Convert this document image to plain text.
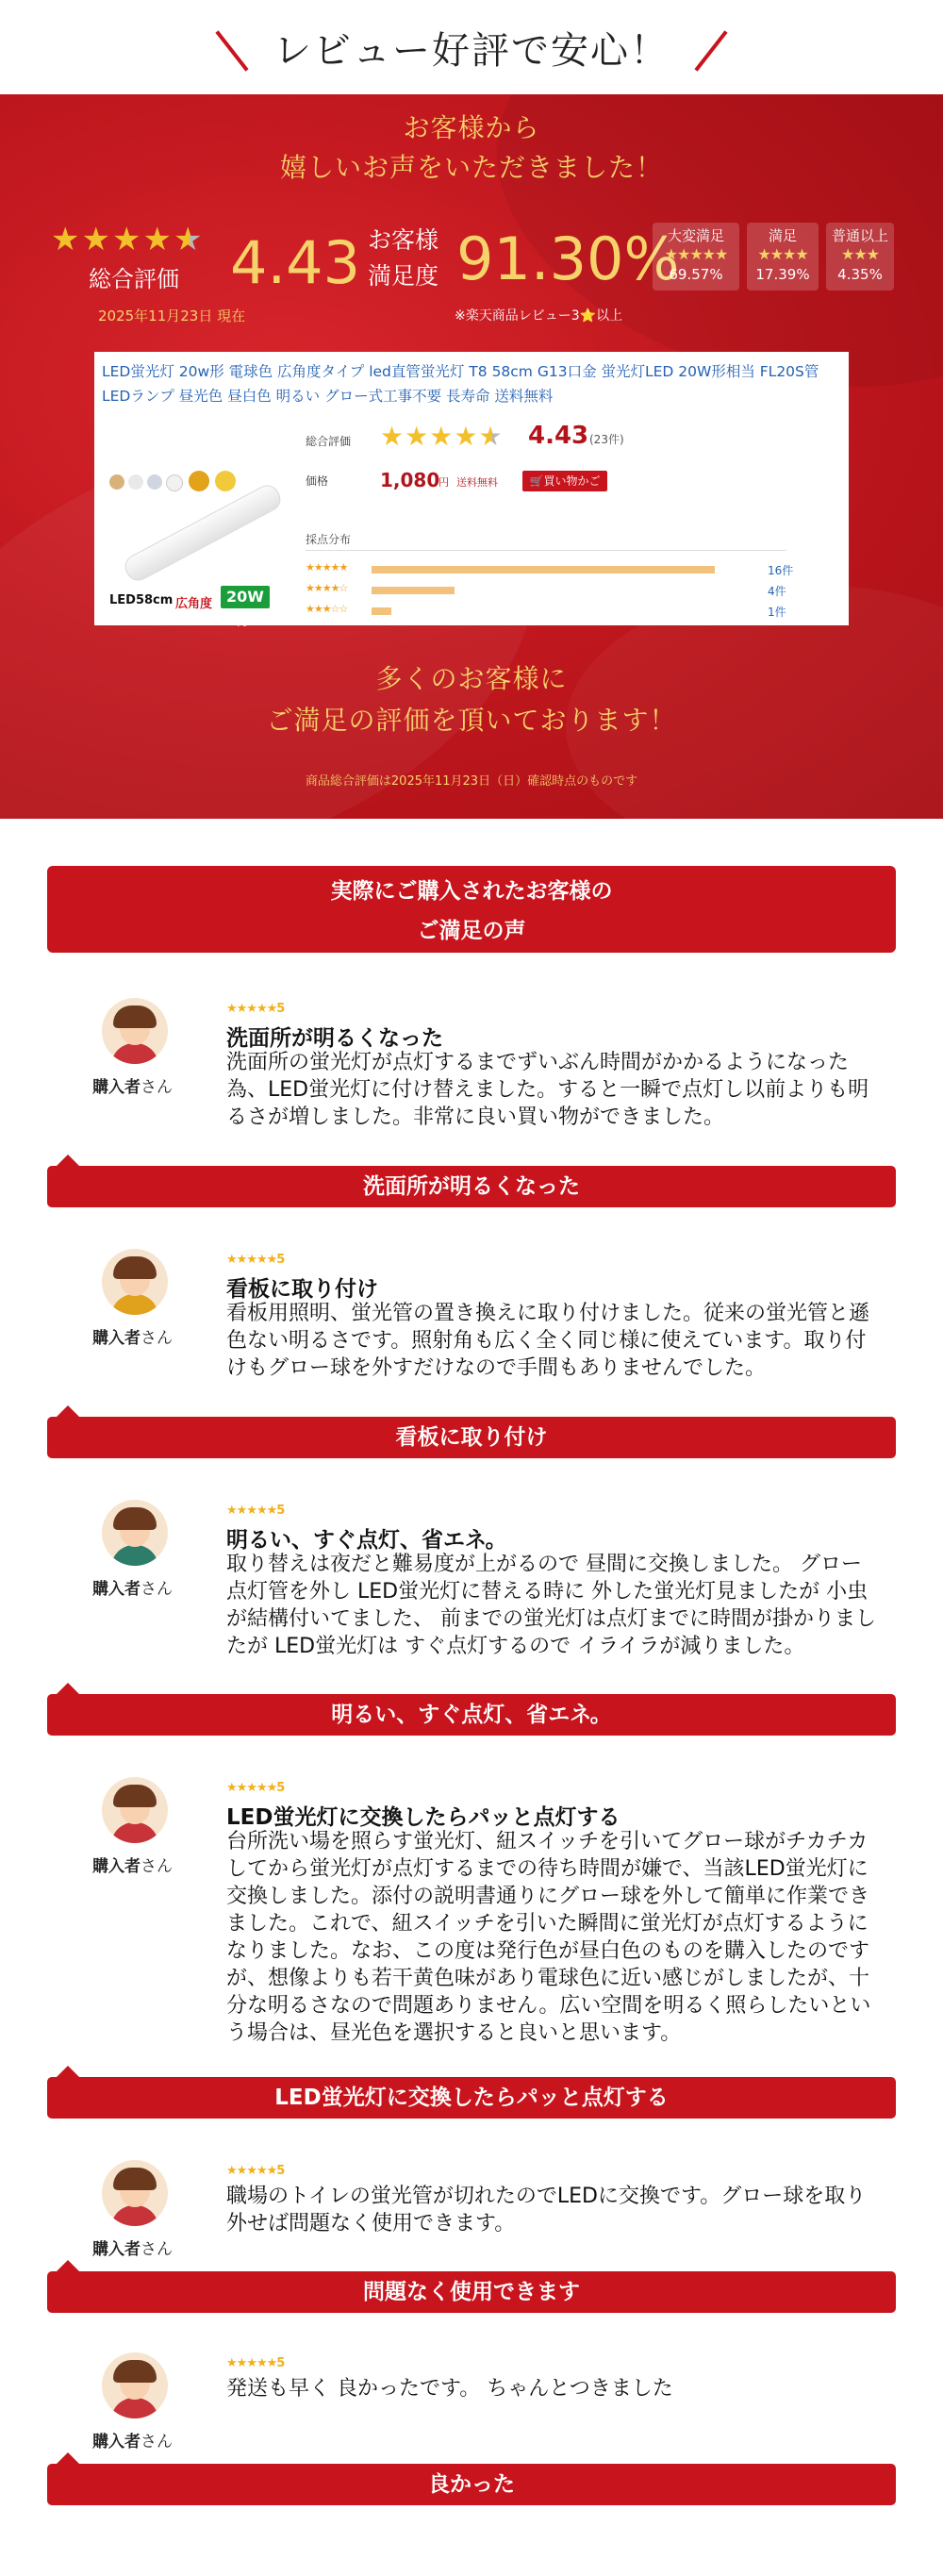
レビュー好評で安心！
お客様から
嬉しいお声をいただきました！
★★★★★
総合評価
2025年11月23日 現在
4.43 お客様
満足度 91.30%
※楽天商品レビュー3⭐以上
大変満足
★★★★★
69.57%
満足
★★★★
17.39%
普通以上
★★★
4.35%
LED蛍光灯 20w形 電球色 広角度タイプ led直管蛍光灯 T8 58cm G13口金 蛍光灯LED 20W形相当 FL20S管LEDランプ 昼光色 昼白色 明るい グロー式工事不要 長寿命 送料無料
LED58cm 広角度 20W形
総合評価 ★★★★★ 4.43 (23件)
価格	1,080
円 送料無料	🛒買い物かご
採点分布
★★★★★	16件
★★★★☆	4件
★★★☆☆	1件
多くのお客様に
ご満足の評価を頂いております！
商品総合評価は2025年11月23日（日）確認時点のものです
実際にご購入されたお客様の
ご満足の声
購入者さん
★★★★★5
洗面所が明るくなった
洗面所の蛍光灯が点灯するまでずいぶん時間がかかるようになった為、LED蛍光灯に付け替えました。すると一瞬で点灯し以前よりも明るさが増しました。非常に良い買い物ができました。
洗面所が明るくなった
購入者さん
★★★★★5
看板に取り付け
看板用照明、蛍光管の置き換えに取り付けました。従来の蛍光管と遜色ない明るさです。照射角も広く全く同じ様に使えています。取り付けもグロー球を外すだけなので手間もありませんでした。
看板に取り付け
購入者さん
★★★★★5
明るい、すぐ点灯、省エネ。
取り替えは夜だと難易度が上がるので 昼間に交換しました。 グロー点灯管を外し LED蛍光灯に替える時に 外した蛍光灯見ましたが 小虫が結構付いてました、 前までの蛍光灯は点灯までに時間が掛かりましたが LED蛍光灯は すぐ点灯するので イライラが減りました。
明るい、すぐ点灯、省エネ。
購入者さん
★★★★★5
LED蛍光灯に交換したらパッと点灯する
台所洗い場を照らす蛍光灯、紐スイッチを引いてグロー球がチカチカしてから蛍光灯が点灯するまでの待ち時間が嫌で、当該LED蛍光灯に交換しました。添付の説明書通りにグロー球を外して簡単に作業できました。これで、紐スイッチを引いた瞬間に蛍光灯が点灯するようになりました。なお、この度は発行色が昼白色のものを購入したのですが、想像よりも若干黄色味があり電球色に近い感じがしましたが、十分な明るさなので問題ありません。広い空間を明るく照らしたいという場合は、昼光色を選択すると良いと思います。
LED蛍光灯に交換したらパッと点灯する
購入者さん
★★★★★5
職場のトイレの蛍光管が切れたのでLEDに交換です。グロー球を取り外せば問題なく使用できます。
問題なく使用できます
購入者さん
★★★★★5
発送も早く 良かったです。 ちゃんとつきました
良かった
